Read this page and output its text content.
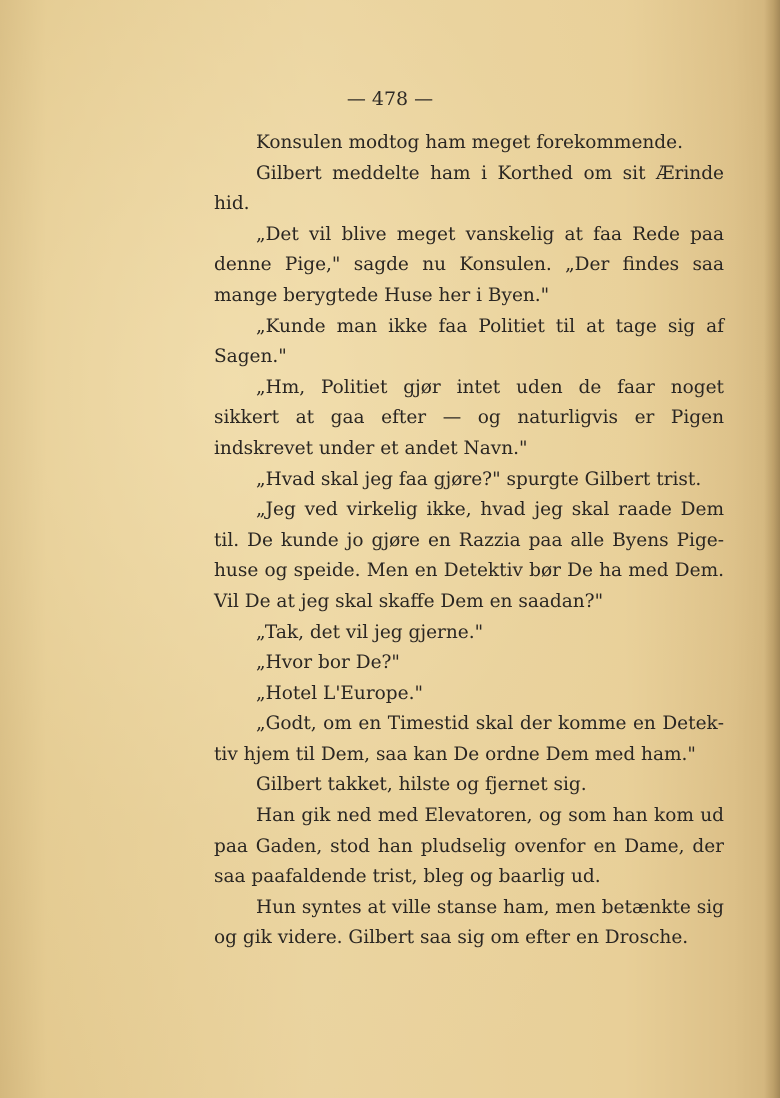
— 478 —

Konsulen modtog ham meget forekommende.

Gilbert meddelte ham i Korthed om sit Ærinde hid.

„Det vil blive meget vanskelig at faa Rede paa denne Pige," sagde nu Konsulen. „Der findes saa mange berygtede Huse her i Byen."

„Kunde man ikke faa Politiet til at tage sig af Sagen."

„Hm, Politiet gjør intet uden de faar noget sikkert at gaa efter — og naturligvis er Pigen indskrevet under et andet Navn."

„Hvad skal jeg faa gjøre?" spurgte Gilbert trist.

„Jeg ved virkelig ikke, hvad jeg skal raade Dem til. De kunde jo gjøre en Razzia paa alle Byens Pigehuse og speide. Men en Detektiv bør De ha med Dem. Vil De at jeg skal skaffe Dem en saadan?"

„Tak, det vil jeg gjerne."

„Hvor bor De?"

„Hotel L'Europe."

„Godt, om en Timestid skal der komme en Detektiv hjem til Dem, saa kan De ordne Dem med ham."

Gilbert takket, hilste og fjernet sig.

Han gik ned med Elevatoren, og som han kom ud paa Gaden, stod han pludselig ovenfor en Dame, der saa paafaldende trist, bleg og baarlig ud.

Hun syntes at ville stanse ham, men betænkte sig og gik videre. Gilbert saa sig om efter en Drosche.
